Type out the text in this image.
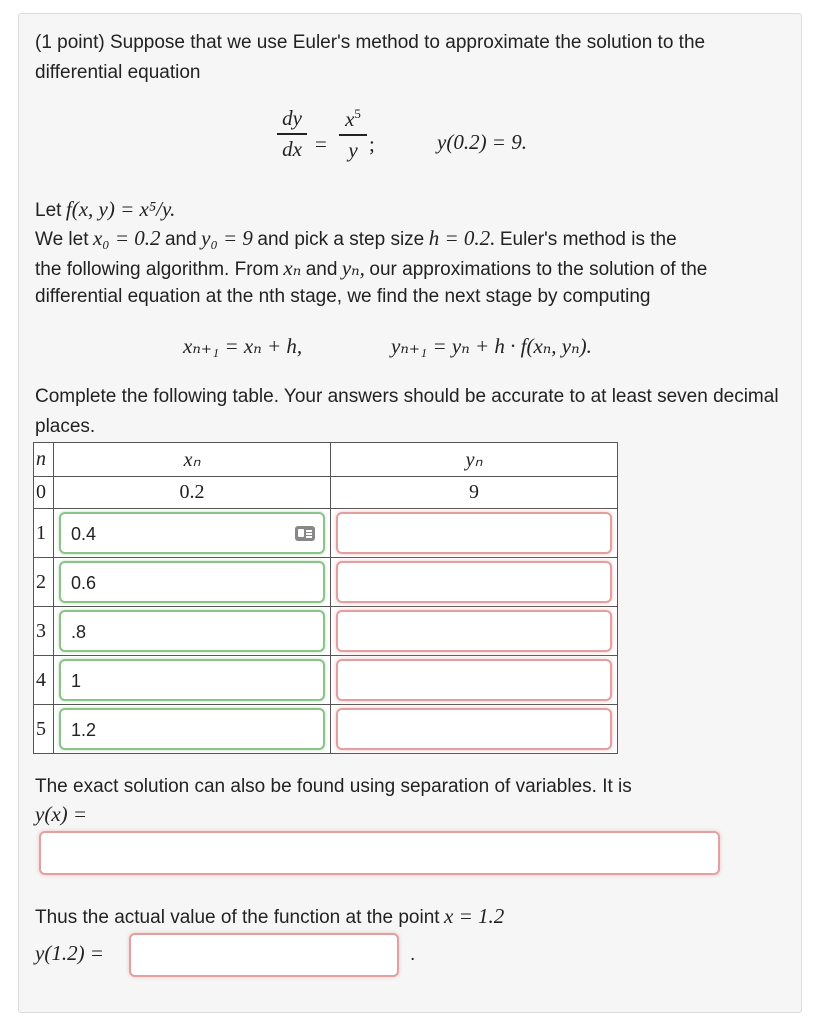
(1 point) Suppose that we use Euler's method to approximate the solution to the differential equation
dy
dx =
$x^5$
y ;	y(0.2) = 9.
Let f(x, y) = x⁵/y.
We let x₀ = 0.2 and y₀ = 9 and pick a step size h = 0.2. Euler's method is the
the following algorithm. From xₙ and yₙ, our approximations to the solution of the
differential equation at the nth stage, we find the next stage by computing
xₙ₊₁ = xₙ + h,	yₙ₊₁ = yₙ + h · f(xₙ, yₙ).
Complete the following table. Your answers should be accurate to at least seven decimal places.
n	xₙ	yₙ
0	0.2	9
1	0.4	

2	0.6	

3	.8	

4	1	

5	1.2	

The exact solution can also be found using separation of variables. It is
y(x) =
Thus the actual value of the function at the point x = 1.2
y(1.2) =	.
